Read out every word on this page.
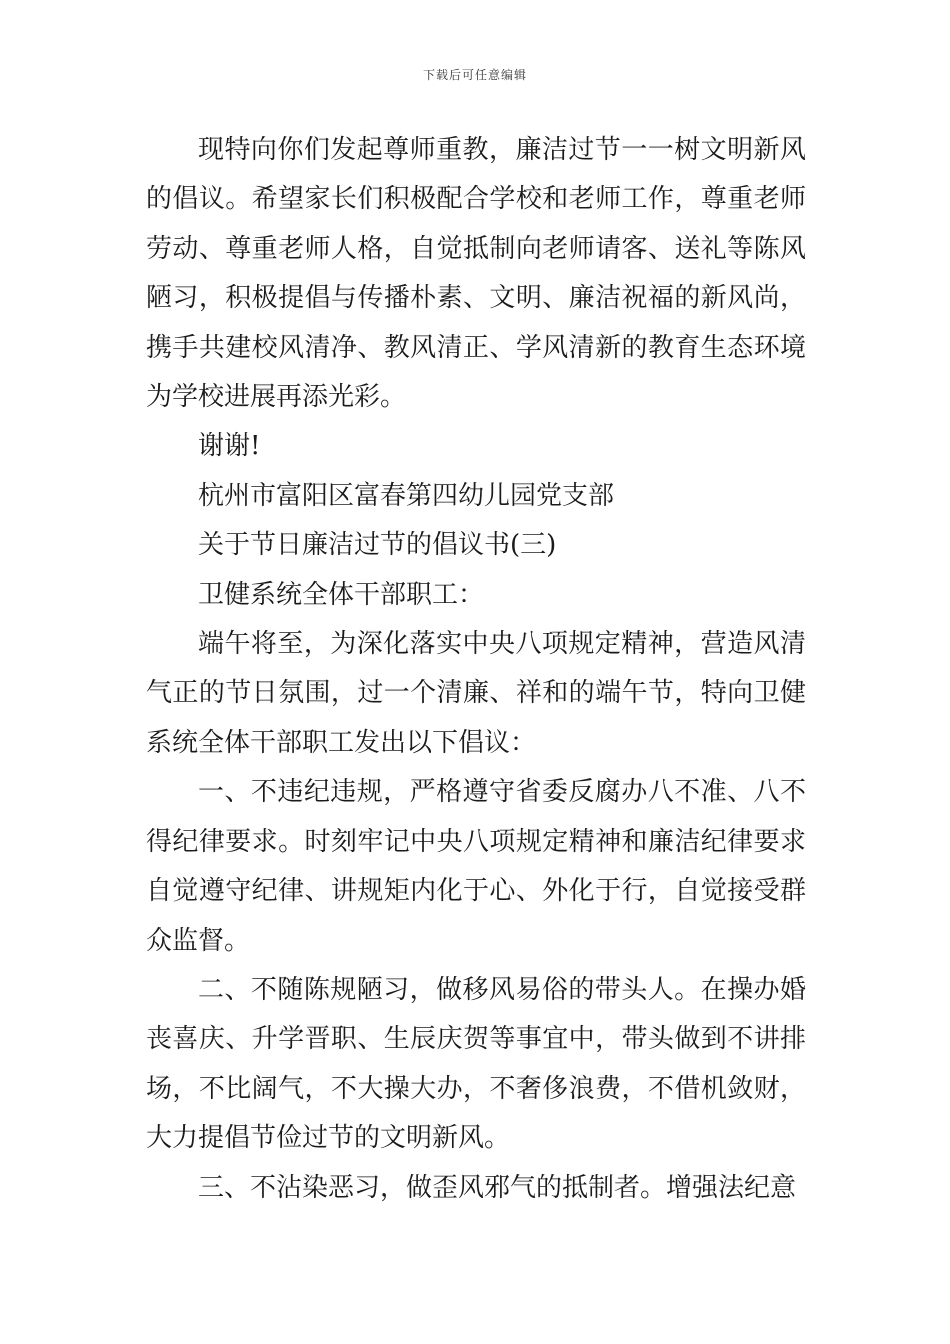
下载后可任意编辑

现特向你们发起尊师重教，廉洁过节一一树文明新风的倡议。希望家长们积极配合学校和老师工作，尊重老师劳动、尊重老师人格，自觉抵制向老师请客、送礼等陈风陋习，积极提倡与传播朴素、文明、廉洁祝福的新风尚，携手共建校风清净、教风清正、学风清新的教育生态环境为学校进展再添光彩。

谢谢!

杭州市富阳区富春第四幼儿园党支部

关于节日廉洁过节的倡议书(三)

卫健系统全体干部职工：

端午将至，为深化落实中央八项规定精神，营造风清气正的节日氛围，过一个清廉、祥和的端午节，特向卫健系统全体干部职工发出以下倡议：

一、不违纪违规，严格遵守省委反腐办八不准、八不得纪律要求。时刻牢记中央八项规定精神和廉洁纪律要求自觉遵守纪律、讲规矩内化于心、外化于行，自觉接受群众监督。

二、不随陈规陋习，做移风易俗的带头人。在操办婚丧喜庆、升学晋职、生辰庆贺等事宜中，带头做到不讲排场，不比阔气，不大操大办，不奢侈浪费，不借机敛财，大力提倡节俭过节的文明新风。

三、不沾染恶习，做歪风邪气的抵制者。增强法纪意
